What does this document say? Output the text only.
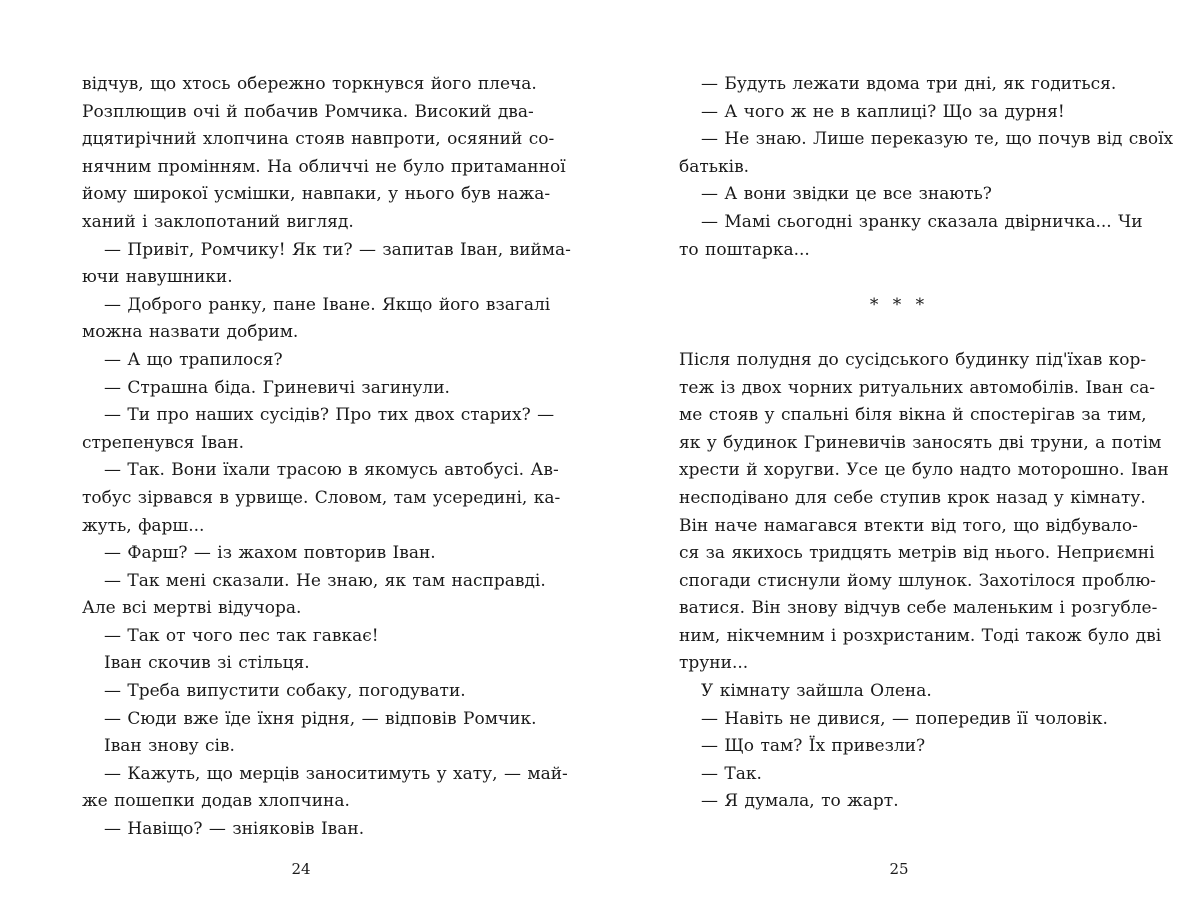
відчув, що хтось обережно торкнувся його плеча.
Розплющив очі й побачив Ромчика. Високий два-
дцятирічний хлопчина стояв навпроти, осяяний со-
нячним промінням. На обличчі не було притаманної
йому широкої усмішки, навпаки, у нього був нажа-
ханий і заклопотаний вигляд.
— Привіт, Ромчику! Як ти? — запитав Іван, вийма-
ючи навушники.
— Доброго ранку, пане Іване. Якщо його взагалі
можна назвати добрим.
— А що трапилося?
— Страшна біда. Гриневичі загинули.
— Ти про наших сусідів? Про тих двох старих? —
стрепенувся Іван.
— Так. Вони їхали трасою в якомусь автобусі. Ав-
тобус зірвався в урвище. Словом, там усередині, ка-
жуть, фарш...
— Фарш? — із жахом повторив Іван.
— Так мені сказали. Не знаю, як там насправді.
Але всі мертві відучора.
— Так от чого пес так гавкає!
Іван скочив зі стільця.
— Треба випустити собаку, погодувати.
— Сюди вже їде їхня рідня, — відповів Ромчик.
Іван знову сів.
— Кажуть, що мерців заноситимуть у хату, — май-
же пошепки додав хлопчина.
— Навіщо? — зніяковів Іван.
24
— Будуть лежати вдома три дні, як годиться.
— А чого ж не в каплиці? Що за дурня!
— Не знаю. Лише переказую те, що почув від своїх
батьків.
— А вони звідки це все знають?
— Мамі сьогодні зранку сказала двірничка... Чи
то поштарка...
* * *
Після полудня до сусідського будинку під'їхав кор-
теж із двох чорних ритуальних автомобілів. Іван са-
ме стояв у спальні біля вікна й спостерігав за тим,
як у будинок Гриневичів заносять дві труни, а потім
хрести й хоругви. Усе це було надто моторошно. Іван
несподівано для себе ступив крок назад у кімнату.
Він наче намагався втекти від того, що відбувало-
ся за якихось тридцять метрів від нього. Неприємні
спогади стиснули йому шлунок. Захотілося проблю-
ватися. Він знову відчув себе маленьким і розгубле-
ним, нікчемним і розхристаним. Тоді також було дві
труни...
У кімнату зайшла Олена.
— Навіть не дивися, — попередив її чоловік.
— Що там? Їх привезли?
— Так.
— Я думала, то жарт.
25
